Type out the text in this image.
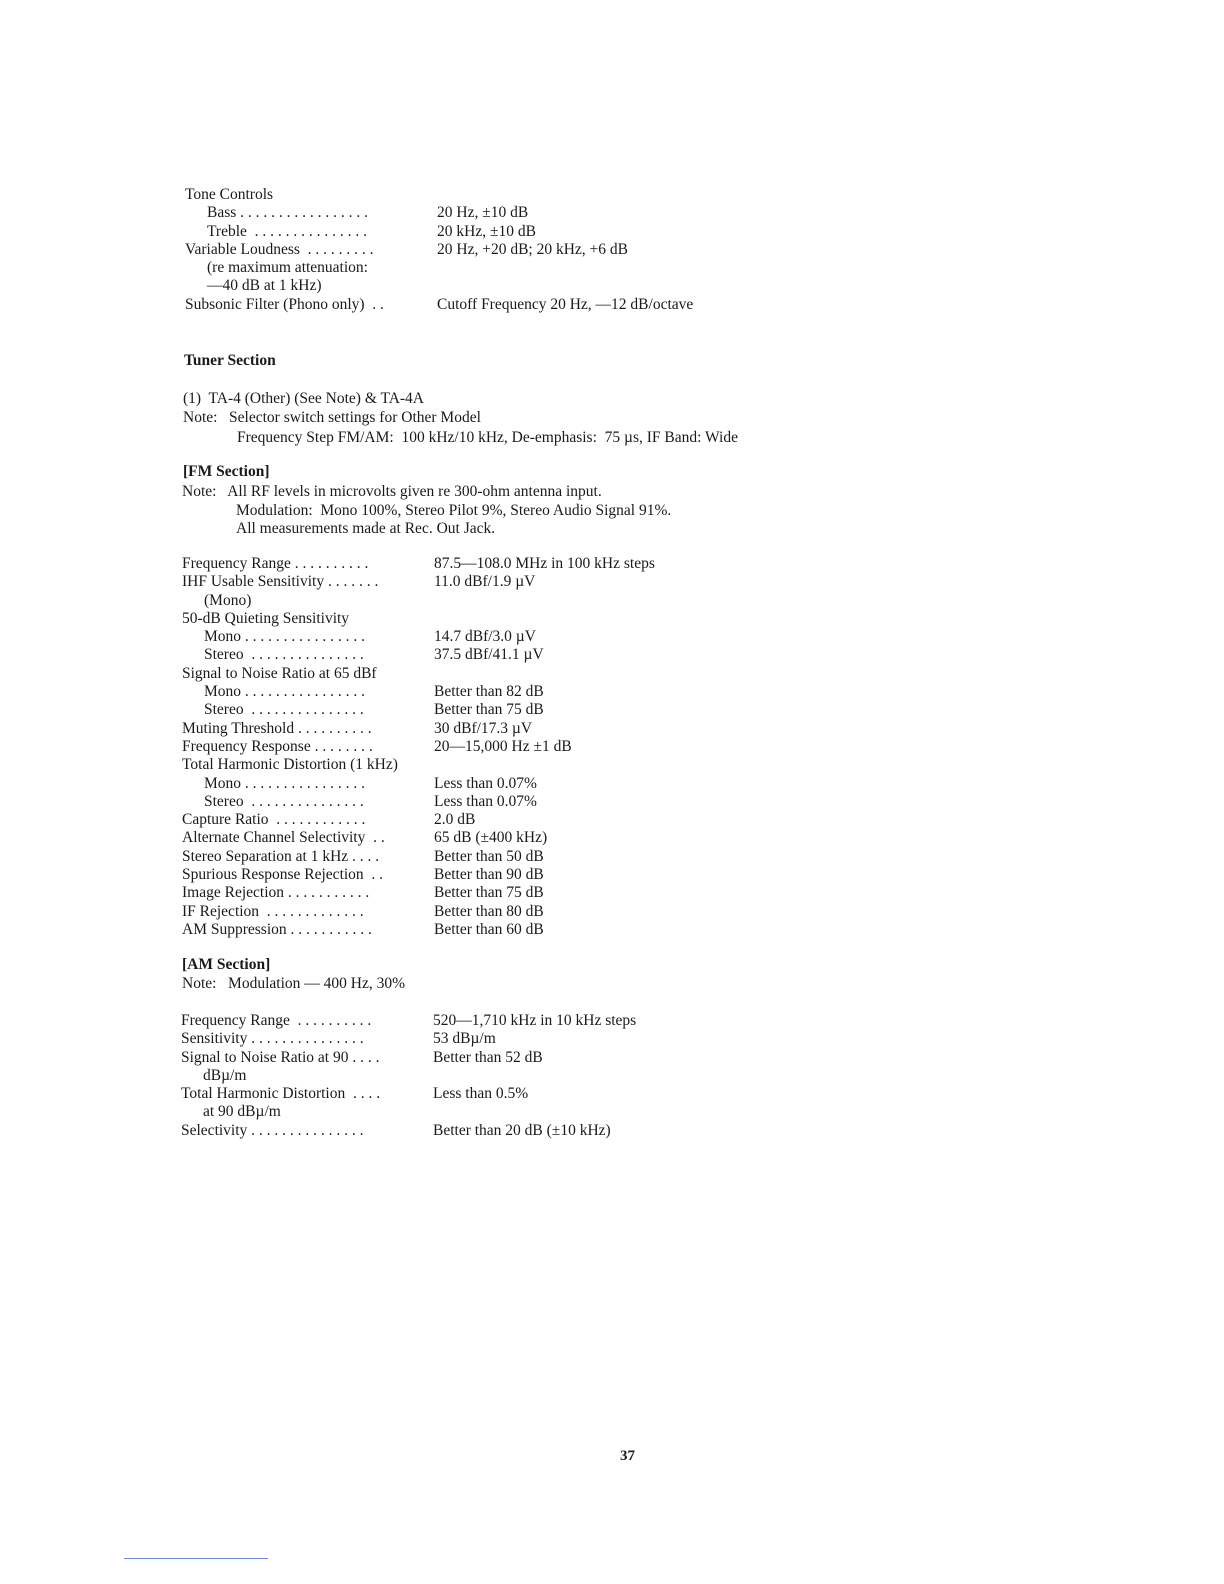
Tone Controls
Bass . . . . . . . . . . . . . . . . .	20 Hz, ±10 dB
Treble  . . . . . . . . . . . . . . .	20 kHz, ±10 dB
Variable Loudness  . . . . . . . . .	20 Hz, +20 dB; 20 kHz, +6 dB
(re maximum attenuation:
—40 dB at 1 kHz)
Subsonic Filter (Phono only)  . .	Cutoff Frequency 20 Hz, —12 dB/octave
Tuner Section
(1)  TA-4 (Other) (See Note) & TA-4A
Note:   Selector switch settings for Other Model
Frequency Step FM/AM:  100 kHz/10 kHz, De-emphasis:  75 µs, IF Band: Wide
[FM Section]
Note:   All RF levels in microvolts given re 300-ohm antenna input.
Modulation:  Mono 100%, Stereo Pilot 9%, Stereo Audio Signal 91%.
All measurements made at Rec. Out Jack.
Frequency Range . . . . . . . . . .	87.5—108.0 MHz in 100 kHz steps
IHF Usable Sensitivity . . . . . . .	11.0 dBf/1.9 µV
(Mono)
50-dB Quieting Sensitivity
Mono . . . . . . . . . . . . . . . .	14.7 dBf/3.0 µV
Stereo  . . . . . . . . . . . . . . .	37.5 dBf/41.1 µV
Signal to Noise Ratio at 65 dBf
Mono . . . . . . . . . . . . . . . .	Better than 82 dB
Stereo  . . . . . . . . . . . . . . .	Better than 75 dB
Muting Threshold . . . . . . . . . .	30 dBf/17.3 µV
Frequency Response . . . . . . . .	20—15,000 Hz ±1 dB
Total Harmonic Distortion (1 kHz)
Mono . . . . . . . . . . . . . . . .	Less than 0.07%
Stereo  . . . . . . . . . . . . . . .	Less than 0.07%
Capture Ratio  . . . . . . . . . . . .	2.0 dB
Alternate Channel Selectivity  . .	65 dB (±400 kHz)
Stereo Separation at 1 kHz . . . .	Better than 50 dB
Spurious Response Rejection  . .	Better than 90 dB
Image Rejection . . . . . . . . . . .	Better than 75 dB
IF Rejection  . . . . . . . . . . . . .	Better than 80 dB
AM Suppression . . . . . . . . . . .	Better than 60 dB
[AM Section]
Note:   Modulation — 400 Hz, 30%
Frequency Range  . . . . . . . . . .	520—1,710 kHz in 10 kHz steps
Sensitivity . . . . . . . . . . . . . . .	53 dBµ/m
Signal to Noise Ratio at 90 . . . .	Better than 52 dB
dBµ/m
Total Harmonic Distortion  . . . .	Less than 0.5%
at 90 dBµ/m
Selectivity . . . . . . . . . . . . . . .	Better than 20 dB (±10 kHz)
37
